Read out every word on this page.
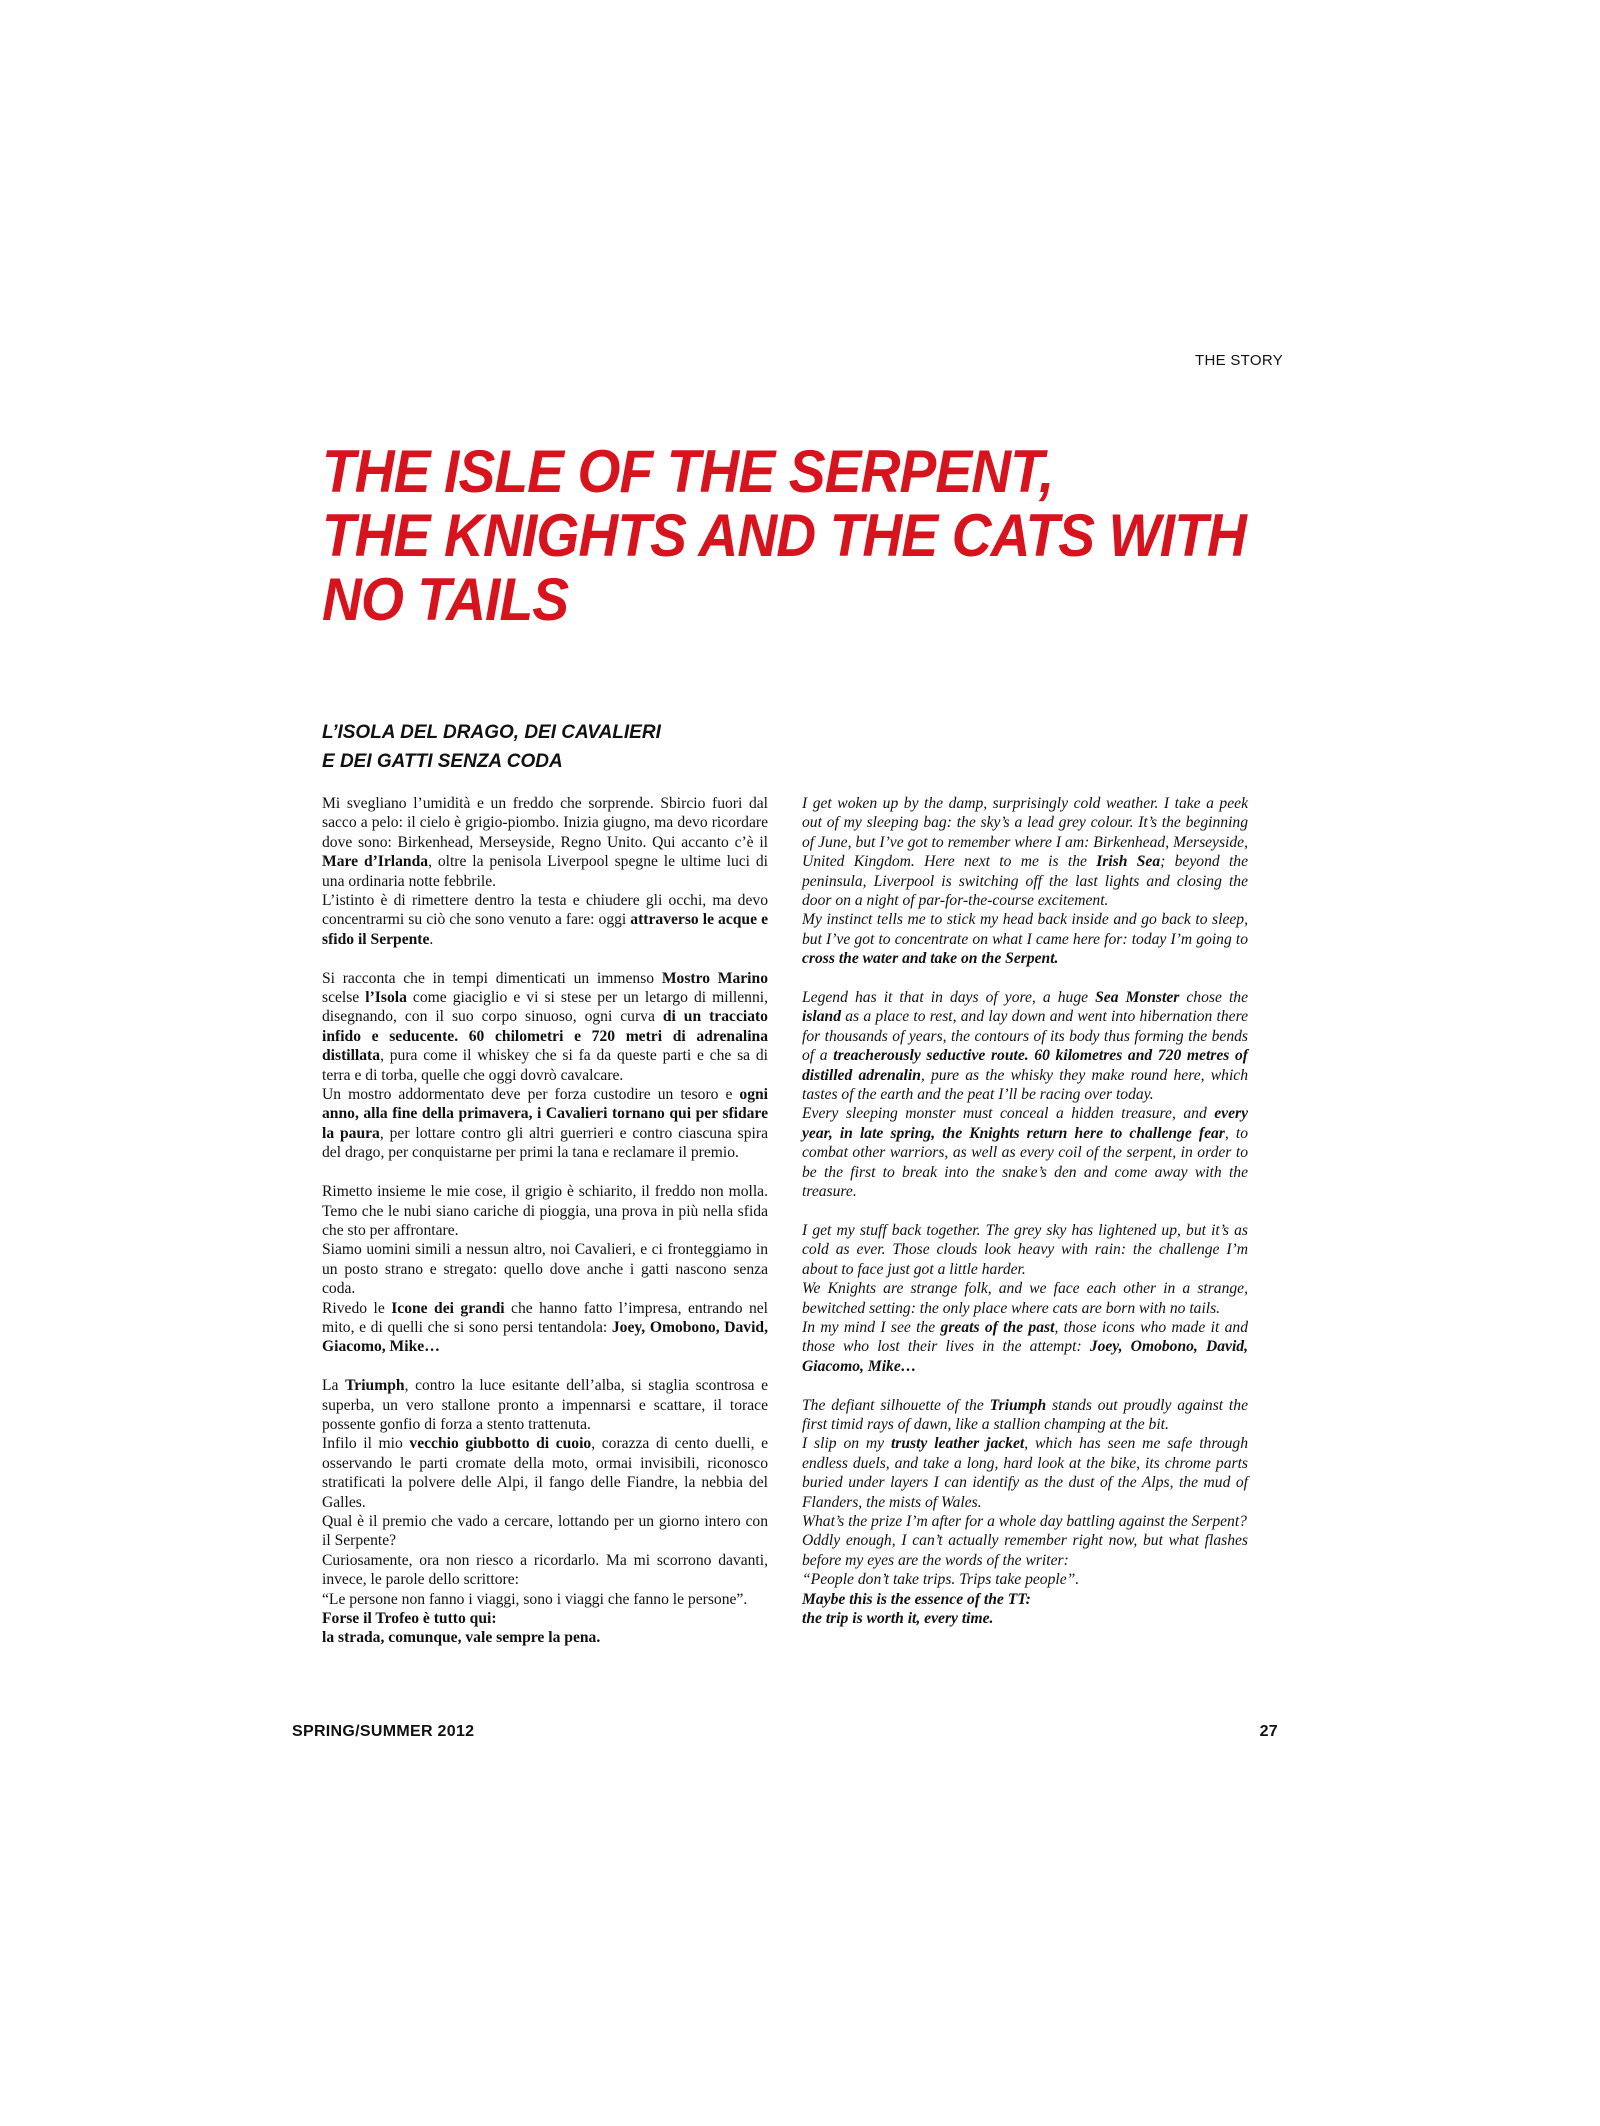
THE STORY
THE ISLE OF THE SERPENT,
THE KNIGHTS AND THE CATS WITH
NO TAILS
L’ISOLA DEL DRAGO, DEI CAVALIERI
E DEI GATTI SENZA CODA

Mi svegliano l’umidità e un freddo che sorprende. Sbircio fuori dal sacco a pelo: il cielo è grigio-piombo. Inizia giugno, ma devo ricordare dove sono: Birkenhead, Merseyside, Regno Unito. Qui accanto c’è il Mare d’Irlanda, oltre la penisola Liverpool spegne le ultime luci di una ordinaria notte febbrile.

L’istinto è di rimettere dentro la testa e chiudere gli occhi, ma devo concentrarmi su ciò che sono venuto a fare: oggi attraverso le acque e sfido il Serpente.

Si racconta che in tempi dimenticati un immenso Mostro Marino scelse l’Isola come giaciglio e vi si stese per un letargo di millenni, disegnando, con il suo corpo sinuoso, ogni curva di un tracciato infido e seducente. 60 chilometri e 720 metri di adrenalina distillata, pura come il whiskey che si fa da queste parti e che sa di terra e di torba, quelle che oggi dovrò cavalcare.

Un mostro addormentato deve per forza custodire un tesoro e ogni anno, alla fine della primavera, i Cavalieri tornano qui per sfidare la paura, per lottare contro gli altri guerrieri e contro ciascuna spira del drago, per conquistarne per primi la tana e reclamare il premio.

Rimetto insieme le mie cose, il grigio è schiarito, il freddo non molla. Temo che le nubi siano cariche di pioggia, una prova in più nella sfida che sto per affrontare.

Siamo uomini simili a nessun altro, noi Cavalieri, e ci fronteggiamo in un posto strano e stregato: quello dove anche i gatti nascono senza coda.

Rivedo le Icone dei grandi che hanno fatto l’impresa, entrando nel mito, e di quelli che si sono persi tentandola: Joey, Omobono, David, Giacomo, Mike…

La Triumph, contro la luce esitante dell’alba, si staglia scontrosa e superba, un vero stallone pronto a impennarsi e scattare, il torace possente gonfio di forza a stento trattenuta.

Infilo il mio vecchio giubbotto di cuoio, corazza di cento duelli, e osservando le parti cromate della moto, ormai invisibili, riconosco stratificati la polvere delle Alpi, il fango delle Fiandre, la nebbia del Galles.

Qual è il premio che vado a cercare, lottando per un giorno intero con il Serpente?

Curiosamente, ora non riesco a ricordarlo. Ma mi scorrono davanti, invece, le parole dello scrittore:

“Le persone non fanno i viaggi, sono i viaggi che fanno le persone”.

Forse il Trofeo è tutto qui:

la strada, comunque, vale sempre la pena.

I get woken up by the damp, surprisingly cold weather. I take a peek out of my sleeping bag: the sky’s a lead grey colour. It’s the beginning of June, but I’ve got to remember where I am: Birkenhead, Merseyside, United Kingdom. Here next to me is the Irish Sea; beyond the peninsula, Liverpool is switching off the last lights and closing the door on a night of par-for-the-course excitement.

My instinct tells me to stick my head back inside and go back to sleep, but I’ve got to concentrate on what I came here for: today I’m going to cross the water and take on the Serpent.

Legend has it that in days of yore, a huge Sea Monster chose the island as a place to rest, and lay down and went into hibernation there for thousands of years, the contours of its body thus forming the bends of a treacherously seductive route. 60 kilometres and 720 metres of distilled adrenalin, pure as the whisky they make round here, which tastes of the earth and the peat I’ll be racing over today.

Every sleeping monster must conceal a hidden treasure, and every year, in late spring, the Knights return here to challenge fear, to combat other warriors, as well as every coil of the serpent, in order to be the first to break into the snake’s den and come away with the treasure.

I get my stuff back together. The grey sky has lightened up, but it’s as cold as ever. Those clouds look heavy with rain: the challenge I’m about to face just got a little harder.

We Knights are strange folk, and we face each other in a strange, bewitched setting: the only place where cats are born with no tails.

In my mind I see the greats of the past, those icons who made it and those who lost their lives in the attempt: Joey, Omobono, David, Giacomo, Mike…

The defiant silhouette of the Triumph stands out proudly against the first timid rays of dawn, like a stallion champing at the bit.

I slip on my trusty leather jacket, which has seen me safe through endless duels, and take a long, hard look at the bike, its chrome parts buried under layers I can identify as the dust of the Alps, the mud of Flanders, the mists of Wales.

What’s the prize I’m after for a whole day battling against the Serpent?

Oddly enough, I can’t actually remember right now, but what flashes before my eyes are the words of the writer:

“People don’t take trips. Trips take people”.

Maybe this is the essence of the TT:

the trip is worth it, every time.

SPRING/SUMMER 2012	27
